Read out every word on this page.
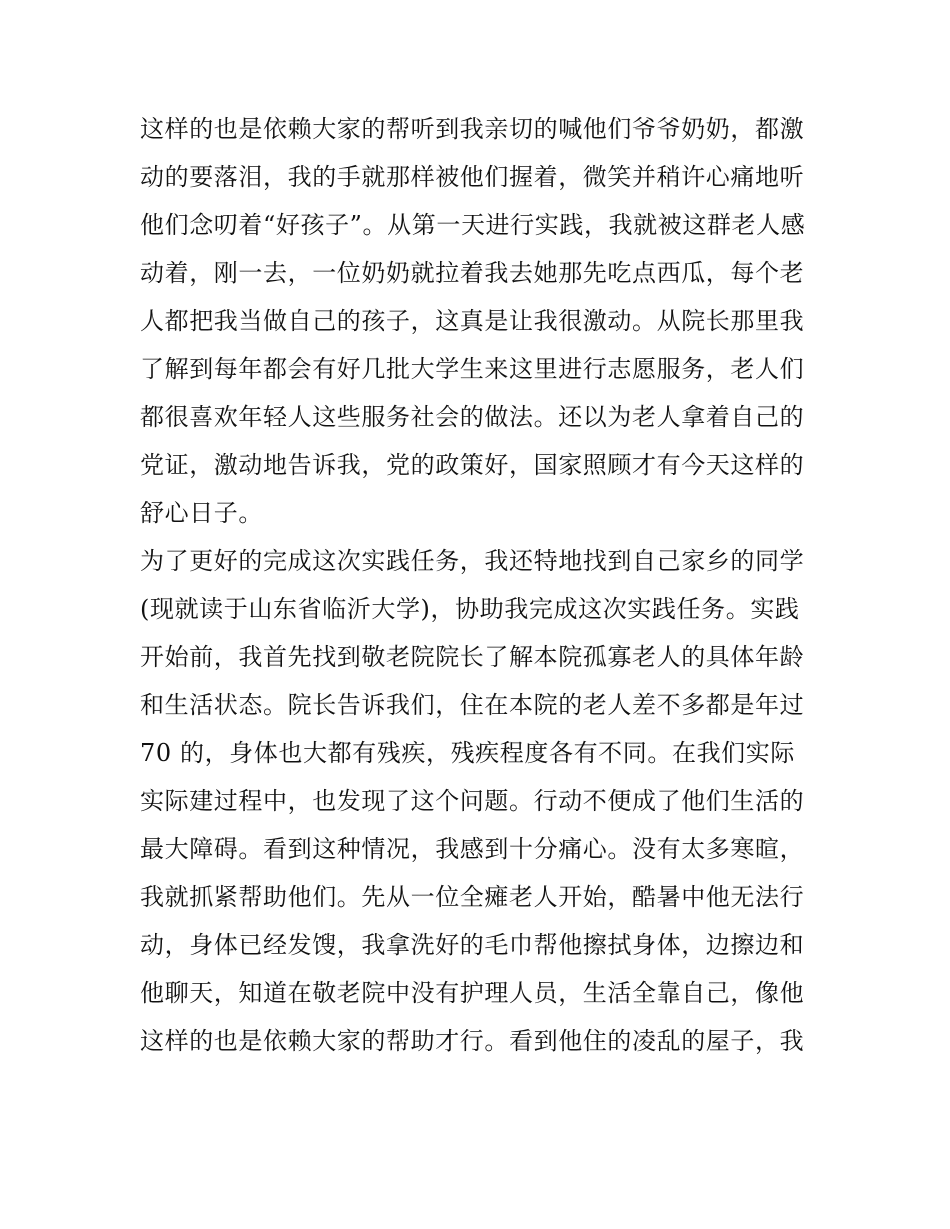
这样的也是依赖大家的帮听到我亲切的喊他们爷爷奶奶，都激
动的要落泪，我的手就那样被他们握着，微笑并稍许心痛地听
他们念叨着“好孩子”。从第一天进行实践，我就被这群老人感
动着，刚一去，一位奶奶就拉着我去她那先吃点西瓜，每个老
人都把我当做自己的孩子，这真是让我很激动。从院长那里我
了解到每年都会有好几批大学生来这里进行志愿服务，老人们
都很喜欢年轻人这些服务社会的做法。还以为老人拿着自己的
党证，激动地告诉我，党的政策好，国家照顾才有今天这样的
舒心日子。
为了更好的完成这次实践任务，我还特地找到自己家乡的同学
(现就读于山东省临沂大学)，协助我完成这次实践任务。实践
开始前，我首先找到敬老院院长了解本院孤寡老人的具体年龄
和生活状态。院长告诉我们，住在本院的老人差不多都是年过
70 的，身体也大都有残疾，残疾程度各有不同。在我们实际
实际建过程中，也发现了这个问题。行动不便成了他们生活的
最大障碍。看到这种情况，我感到十分痛心。没有太多寒暄，
我就抓紧帮助他们。先从一位全瘫老人开始，酷暑中他无法行
动，身体已经发馊，我拿洗好的毛巾帮他擦拭身体，边擦边和
他聊天，知道在敬老院中没有护理人员，生活全靠自己，像他
这样的也是依赖大家的帮助才行。看到他住的凌乱的屋子，我
